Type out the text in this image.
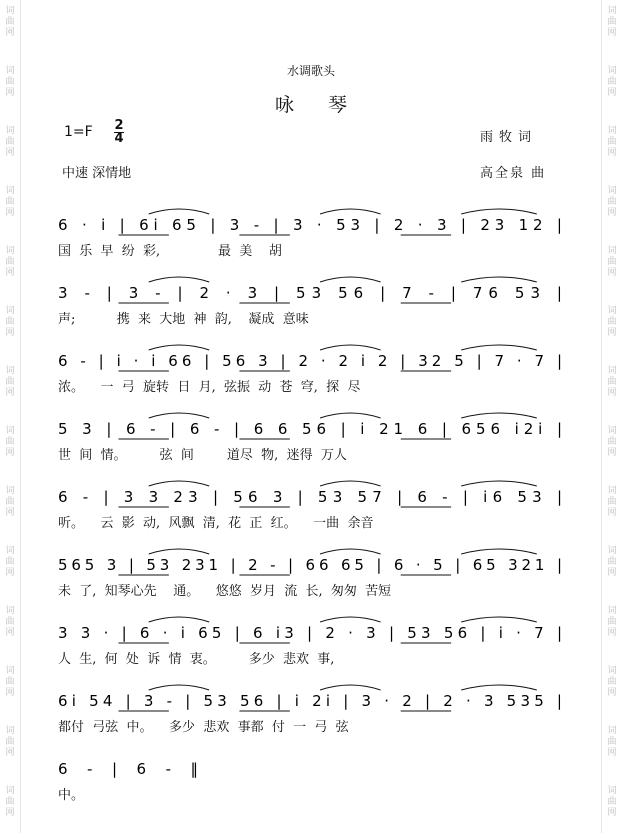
词
曲
网
词
曲
网
词
曲
网
词
曲
网
词
曲
网
词
曲
网
词
曲
网
词
曲
网
词
曲
网
词
曲
网
词
曲
网
词
曲
网
词
曲
网
词
曲
网
词
曲
网
词
曲
网
词
曲
网
词
曲
网
词
曲
网
词
曲
网
词
曲
网
词
曲
网
词
曲
网
词
曲
网
词
曲
网
词
曲
网
词
曲
网
词
曲
网
水调歌头
咏琴
1=F 2
4	雨牧词
中速 深情地	高全泉 曲
6 · i | 6i 65 | 3 - | 3 · 53 | 2 · 3 | 23 12 |
3 - | 3 - | 2 · 3 | 53 56 | 7 - | 76 53 |
6 - | i · i 66 | 56 3 | 2 · 2 i 2 | 32 5 | 7 · 7 |
5 3 | 6 - | 6 - | 6 6 56 | i 21 6 | 656 i2i |
6 - | 3 3 23 | 56 3 | 53 57 | 6 - | i6 53 |
565 3 | 53 231 | 2 - | 66 65 | 6 · 5 | 65 321 |
3 3 · | 6 · i 65 | 6 i3 | 2 · 3 | 53 56 | i · 7 |
6i 54 | 3 - | 53 56 | i 2i | 3 · 2 | 2 · 3 535 |
6 - | 6 - ‖
国  乐  早  纷  彩,              最  美    胡
声;          携  来  大地  神  韵,    凝成  意味
浓。    一  弓  旋转  日  月,  弦振  动  苍  穹,  探  尽
世  间  情。        弦  间        道尽  物,  迷得  万人
听。    云  影  动,  风飘  清,  花  正  红。    一曲  余音
未  了,  知琴心先    通。    悠悠  岁月  流  长,  匆匆  苦短
人  生,  何  处  诉  情  衷。        多少  悲欢  事,
都付  弓弦  中。    多少  悲欢  事都  付  一  弓  弦
中。
